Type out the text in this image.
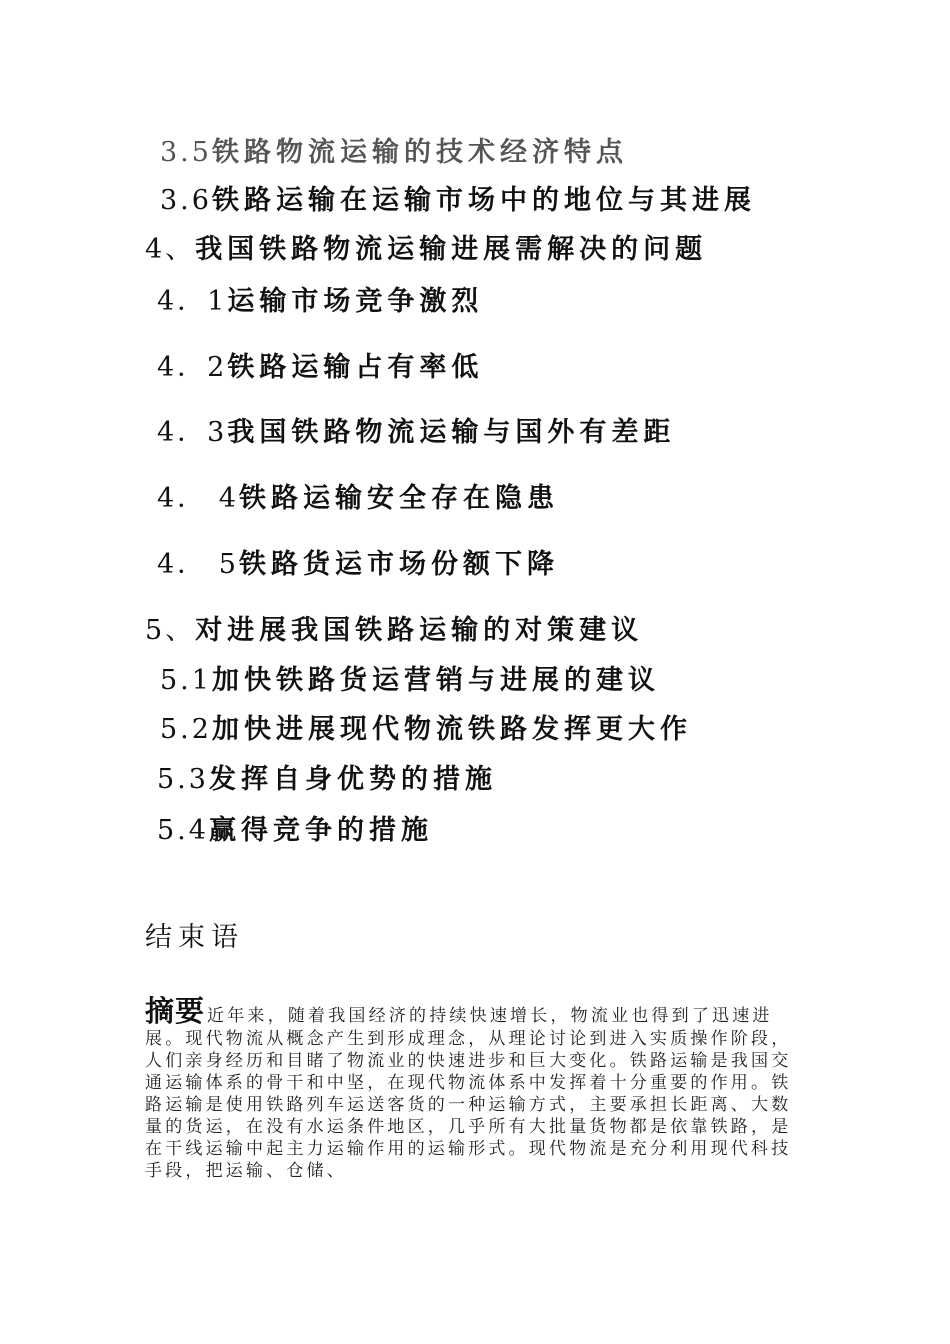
3.5铁路物流运输的技术经济特点
3.6铁路运输在运输市场中的地位与其进展
4、我国铁路物流运输进展需解决的问题
4．1运输市场竞争激烈
4．2铁路运输占有率低
4．3我国铁路物流运输与国外有差距
4． 4铁路运输安全存在隐患
4． 5铁路货运市场份额下降
5、对进展我国铁路运输的对策建议
5.1加快铁路货运营销与进展的建议
5.2加快进展现代物流铁路发挥更大作
5.3发挥自身优势的措施
5.4赢得竞争的措施
结束语
摘要 近年来，随着我国经济的持续快速增长，物流业也得到了迅速进展。现代物流从概念产生到形成理念，从理论讨论到进入实质操作阶段，人们亲身经历和目睹了物流业的快速进步和巨大变化。铁路运输是我国交通运输体系的骨干和中坚，在现代物流体系中发挥着十分重要的作用。铁路运输是使用铁路列车运送客货的一种运输方式，主要承担长距离、大数量的货运，在没有水运条件地区，几乎所有大批量货物都是依靠铁路，是在干线运输中起主力运输作用的运输形式。现代物流是充分利用现代科技手段，把运输、仓储、
